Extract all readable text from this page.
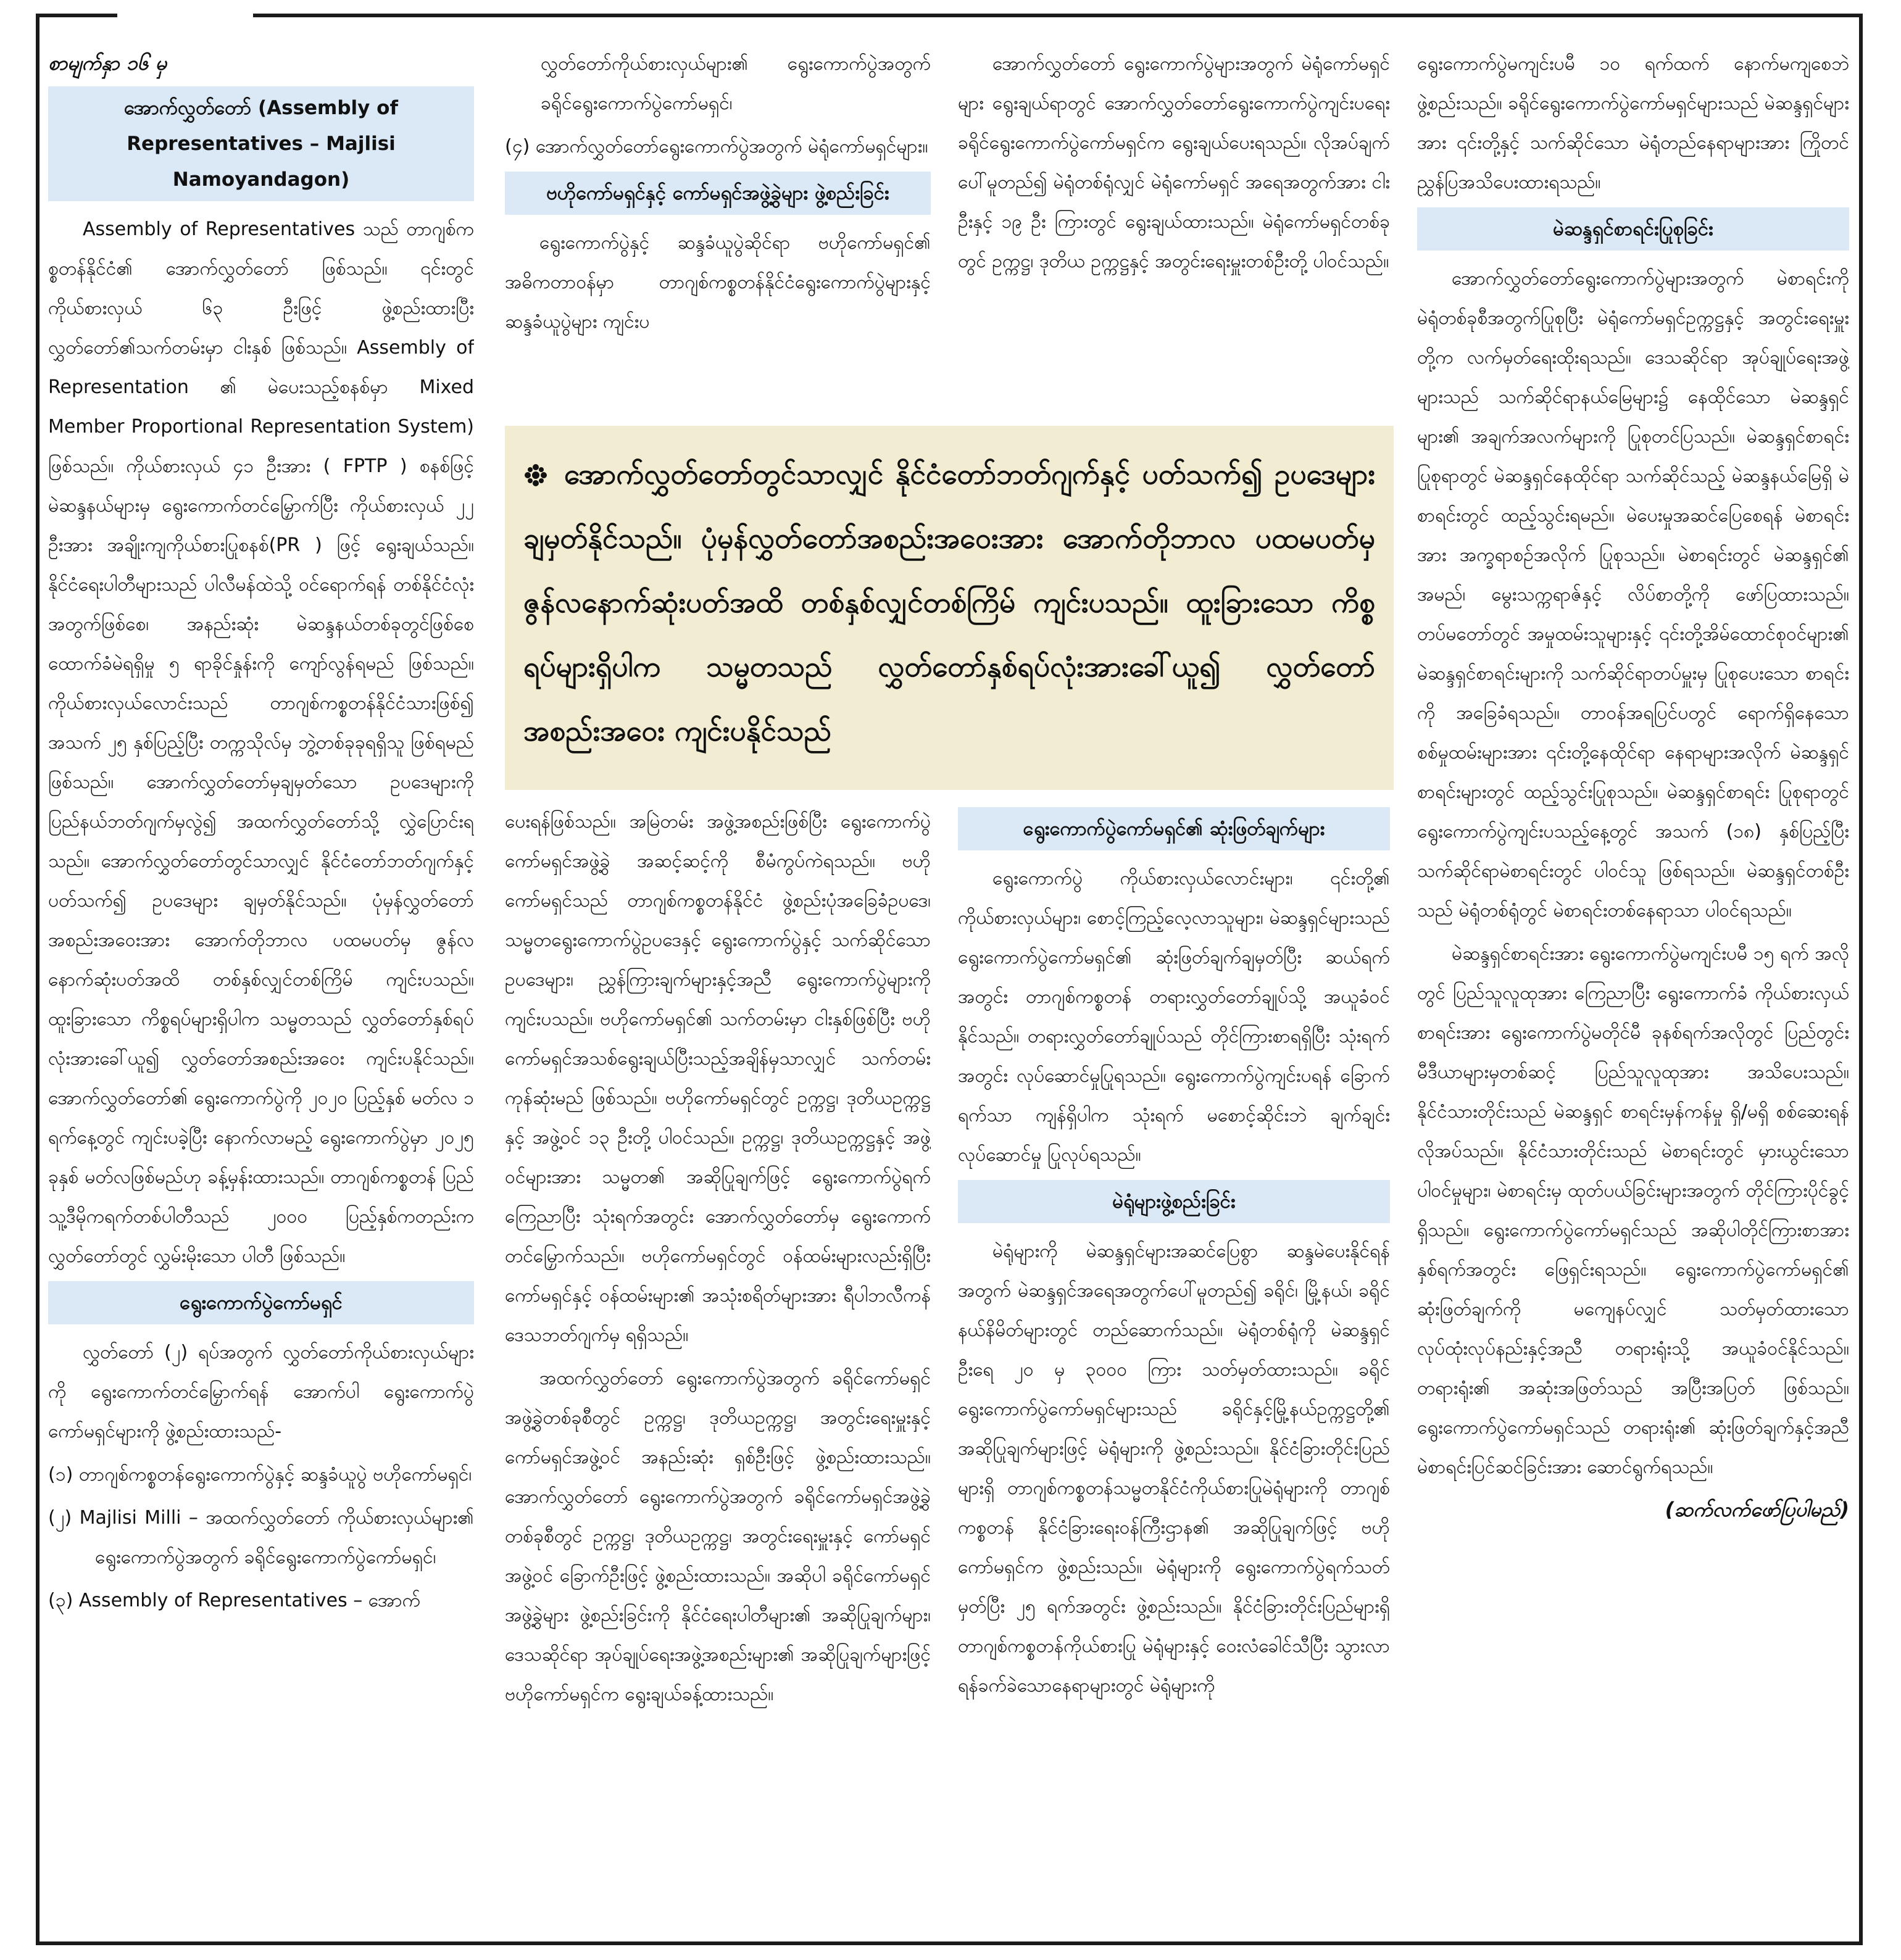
စာမျက်နှာ ၁၆ မှ
အောက်လွှတ်တော် (Assembly of Representatives – Majlisi Namoyandagon)

Assembly of Representatives သည် တာဂျစ်ကစ္စတန်နိုင်ငံ၏ အောက်လွှတ်တော် ဖြစ်သည်။ ၎င်းတွင် ကိုယ်စားလှယ် ၆၃ ဦးဖြင့် ဖွဲ့စည်းထားပြီး လွှတ်တော်၏သက်တမ်းမှာ ငါးနှစ် ဖြစ်သည်။ Assembly of Representation ၏ မဲပေးသည့်စနစ်မှာ Mixed Member Proportional Representation System) ဖြစ်သည်။ ကိုယ်စားလှယ် ၄၁ ဦးအား ( FPTP ) စနစ်ဖြင့် မဲဆန္ဒနယ်များမှ ရွေးကောက်တင်မြှောက်ပြီး ကိုယ်စားလှယ် ၂၂ ဦးအား အချိုးကျကိုယ်စားပြုစနစ်(PR ) ဖြင့် ရွေးချယ်သည်။ နိုင်ငံရေးပါတီများသည် ပါလီမန်ထဲသို့ ဝင်ရောက်ရန် တစ်နိုင်ငံလုံးအတွက်ဖြစ်စေ၊ အနည်းဆုံး မဲဆန္ဒနယ်တစ်ခုတွင်ဖြစ်စေ ထောက်ခံမဲရရှိမှု ၅ ရာခိုင်နှုန်းကို ကျော်လွန်ရမည် ဖြစ်သည်။ ကိုယ်စားလှယ်လောင်းသည် တာဂျစ်ကစ္စတန်နိုင်ငံသားဖြစ်၍ အသက် ၂၅ နှစ်ပြည့်ပြီး တက္ကသိုလ်မှ ဘွဲ့တစ်ခုခုရရှိသူ ဖြစ်ရမည်ဖြစ်သည်။ အောက်လွှတ်တော်မှချမှတ်သော ဥပဒေများကို ပြည်နယ်ဘတ်ဂျက်မှလွဲ၍ အထက်လွှတ်တော်သို့ လွှဲပြောင်းရသည်။ အောက်လွှတ်တော်တွင်သာလျှင် နိုင်ငံတော်ဘတ်ဂျက်နှင့်ပတ်သက်၍ ဥပဒေများ ချမှတ်နိုင်သည်။ ပုံမှန်လွှတ်တော်အစည်းအဝေးအား အောက်တိုဘာလ ပထမပတ်မှ ဇွန်လနောက်ဆုံးပတ်အထိ တစ်နှစ်လျှင်တစ်ကြိမ် ကျင်းပသည်။ ထူးခြားသော ကိစ္စရပ်များရှိပါက သမ္မတသည် လွှတ်တော်နှစ်ရပ်လုံးအားခေါ်ယူ၍ လွှတ်တော်အစည်းအဝေး ကျင်းပနိုင်သည်။ အောက်လွှတ်တော်၏ ရွေးကောက်ပွဲကို ၂၀၂၀ ပြည့်နှစ် မတ်လ ၁ ရက်နေ့တွင် ကျင်းပခဲ့ပြီး နောက်လာမည့် ရွေးကောက်ပွဲမှာ ၂၀၂၅ ခုနှစ် မတ်လဖြစ်မည်ဟု ခန့်မှန်းထားသည်။ တာဂျစ်ကစ္စတန် ပြည်သူ့ဒီမိုကရက်တစ်ပါတီသည် ၂၀၀၀ ပြည့်နှစ်ကတည်းက လွှတ်တော်တွင် လွှမ်းမိုးသော ပါတီ ဖြစ်သည်။

ရွေးကောက်ပွဲကော်မရှင်

လွှတ်တော် (၂) ရပ်အတွက် လွှတ်တော်ကိုယ်စားလှယ်များကို ရွေးကောက်တင်မြှောက်ရန် အောက်ပါ ရွေးကောက်ပွဲကော်မရှင်များကို ဖွဲ့စည်းထားသည်-

(၁) တာဂျစ်ကစ္စတန်ရွေးကောက်ပွဲနှင့် ဆန္ဒခံယူပွဲ ဗဟိုကော်မရှင်၊

(၂) Majlisi Milli – အထက်လွှတ်တော် ကိုယ်စားလှယ်များ၏ ရွေးကောက်ပွဲအတွက် ခရိုင်ရွေးကောက်ပွဲကော်မရှင်၊

(၃) Assembly of Representatives – အောက်

လွှတ်တော်ကိုယ်စားလှယ်များ၏ ရွေးကောက်ပွဲအတွက် ခရိုင်ရွေးကောက်ပွဲကော်မရှင်၊

(၄) အောက်လွှတ်တော်ရွေးကောက်ပွဲအတွက် မဲရုံကော်မရှင်များ။

ဗဟိုကော်မရှင်နှင့် ကော်မရှင်အဖွဲ့ခွဲများ ဖွဲ့စည်းခြင်း

ရွေးကောက်ပွဲနှင့် ဆန္ဒခံယူပွဲဆိုင်ရာ ဗဟိုကော်မရှင်၏ အဓိကတာဝန်မှာ တာဂျစ်ကစ္စတန်နိုင်ငံရွေးကောက်ပွဲများနှင့် ဆန္ဒခံယူပွဲများ ကျင်းပ

အောက်လွှတ်တော် ရွေးကောက်ပွဲများအတွက် မဲရုံကော်မရှင်များ ရွေးချယ်ရာတွင် အောက်လွှတ်တော်ရွေးကောက်ပွဲကျင်းပရေး ခရိုင်ရွေးကောက်ပွဲကော်မရှင်က ရွေးချယ်ပေးရသည်။ လိုအပ်ချက်ပေါ်မူတည်၍ မဲရုံတစ်ရုံလျှင် မဲရုံကော်မရှင် အရေအတွက်အား ငါးဦးနှင့် ၁၉ ဦး ကြားတွင် ရွေးချယ်ထားသည်။ မဲရုံကော်မရှင်တစ်ခုတွင် ဥက္ကဋ္ဌ၊ ဒုတိယ ဥက္ကဋ္ဌနှင့် အတွင်းရေးမှူးတစ်ဦးတို့ ပါဝင်သည်။

အောက်လွှတ်တော်တွင်သာလျှင် နိုင်ငံတော်ဘတ်ဂျက်နှင့် ပတ်သက်၍ ဥပဒေများ ချမှတ်နိုင်သည်။ ပုံမှန်လွှတ်တော်အစည်းအဝေးအား အောက်တိုဘာလ ပထမပတ်မှ ဇွန်လနောက်ဆုံးပတ်အထိ တစ်နှစ်လျှင်တစ်ကြိမ် ကျင်းပသည်။ ထူးခြားသော ကိစ္စရပ်များရှိပါက သမ္မတသည် လွှတ်တော်နှစ်ရပ်လုံးအားခေါ်ယူ၍ လွှတ်တော်အစည်းအဝေး ကျင်းပနိုင်သည်

ပေးရန်ဖြစ်သည်။ အမြဲတမ်း အဖွဲ့အစည်းဖြစ်ပြီး ရွေးကောက်ပွဲကော်မရှင်အဖွဲ့ခွဲ အဆင့်ဆင့်ကို စီမံကွပ်ကဲရသည်။ ဗဟိုကော်မရှင်သည် တာဂျစ်ကစ္စတန်နိုင်ငံ ဖွဲ့စည်းပုံအခြေခံဥပဒေ၊ သမ္မတရွေးကောက်ပွဲဥပဒေနှင့် ရွေးကောက်ပွဲနှင့် သက်ဆိုင်သော ဥပဒေများ၊ ညွှန်ကြားချက်များနှင့်အညီ ရွေးကောက်ပွဲများကို ကျင်းပသည်။ ဗဟိုကော်မရှင်၏ သက်တမ်းမှာ ငါးနှစ်ဖြစ်ပြီး ဗဟိုကော်မရှင်အသစ်ရွေးချယ်ပြီးသည့်အချိန်မှသာလျှင် သက်တမ်းကုန်ဆုံးမည် ဖြစ်သည်။ ဗဟိုကော်မရှင်တွင် ဥက္ကဋ္ဌ၊ ဒုတိယဥက္ကဋ္ဌနှင့် အဖွဲ့ဝင် ၁၃ ဦးတို့ ပါဝင်သည်။ ဥက္ကဋ္ဌ၊ ဒုတိယဥက္ကဋ္ဌနှင့် အဖွဲ့ဝင်များအား သမ္မတ၏ အဆိုပြုချက်ဖြင့် ရွေးကောက်ပွဲရက် ကြေညာပြီး သုံးရက်အတွင်း အောက်လွှတ်တော်မှ ရွေးကောက်တင်မြှောက်သည်။ ဗဟိုကော်မရှင်တွင် ဝန်ထမ်းများလည်းရှိပြီး ကော်မရှင်နှင့် ဝန်ထမ်းများ၏ အသုံးစရိတ်များအား ရီပါဘလီကန်ဒေသဘတ်ဂျက်မှ ရရှိသည်။

အထက်လွှတ်တော် ရွေးကောက်ပွဲအတွက် ခရိုင်ကော်မရှင်အဖွဲ့ခွဲတစ်ခုစီတွင် ဥက္ကဋ္ဌ၊ ဒုတိယဥက္ကဋ္ဌ၊ အတွင်းရေးမှူးနှင့်ကော်မရှင်အဖွဲ့ဝင် အနည်းဆုံး ရှစ်ဦးဖြင့် ဖွဲ့စည်းထားသည်။ အောက်လွှတ်တော် ရွေးကောက်ပွဲအတွက် ခရိုင်ကော်မရှင်အဖွဲ့ခွဲ တစ်ခုစီတွင် ဥက္ကဋ္ဌ၊ ဒုတိယဥက္ကဋ္ဌ၊ အတွင်းရေးမှူးနှင့် ကော်မရှင်အဖွဲ့ဝင် ခြောက်ဦးဖြင့် ဖွဲ့စည်းထားသည်။ အဆိုပါ ခရိုင်ကော်မရှင်အဖွဲ့ခွဲများ ဖွဲ့စည်းခြင်းကို နိုင်ငံရေးပါတီများ၏ အဆိုပြုချက်များ၊ ဒေသဆိုင်ရာ အုပ်ချုပ်ရေးအဖွဲ့အစည်းများ၏ အဆိုပြုချက်များဖြင့် ဗဟိုကော်မရှင်က ရွေးချယ်ခန့်ထားသည်။

ရွေးကောက်ပွဲကော်မရှင်၏ ဆုံးဖြတ်ချက်များ

ရွေးကောက်ပွဲ ကိုယ်စားလှယ်လောင်းများ၊ ၎င်းတို့၏ ကိုယ်စားလှယ်များ၊ စောင့်ကြည့်လေ့လာသူများ၊ မဲဆန္ဒရှင်များသည် ရွေးကောက်ပွဲကော်မရှင်၏ ဆုံးဖြတ်ချက်ချမှတ်ပြီး ဆယ်ရက်အတွင်း တာဂျစ်ကစ္စတန် တရားလွှတ်တော်ချုပ်သို့ အယူခံဝင်နိုင်သည်။ တရားလွှတ်တော်ချုပ်သည် တိုင်ကြားစာရရှိပြီး သုံးရက်အတွင်း လုပ်ဆောင်မှုပြုရသည်။ ရွေးကောက်ပွဲကျင်းပရန် ခြောက်ရက်သာ ကျန်ရှိပါက သုံးရက် မစောင့်ဆိုင်းဘဲ ချက်ချင်းလုပ်ဆောင်မှု ပြုလုပ်ရသည်။

မဲရုံများဖွဲ့စည်းခြင်း

မဲရုံများကို မဲဆန္ဒရှင်များအဆင်ပြေစွာ ဆန္ဒမဲပေးနိုင်ရန်အတွက် မဲဆန္ဒရှင်အရေအတွက်ပေါ်မူတည်၍ ခရိုင်၊ မြို့နယ်၊ ခရိုင်နယ်နိမိတ်များတွင် တည်ဆောက်သည်။ မဲရုံတစ်ရုံကို မဲဆန္ဒရှင်ဦးရေ ၂၀ မှ ၃၀၀၀ ကြား သတ်မှတ်ထားသည်။ ခရိုင်ရွေးကောက်ပွဲကော်မရှင်များသည် ခရိုင်နှင့်မြို့နယ်ဥက္ကဋ္ဌတို့၏ အဆိုပြုချက်များဖြင့် မဲရုံများကို ဖွဲ့စည်းသည်။ နိုင်ငံခြားတိုင်းပြည်များရှိ တာဂျစ်ကစ္စတန်သမ္မတနိုင်ငံကိုယ်စားပြုမဲရုံများကို တာဂျစ်ကစ္စတန် နိုင်ငံခြားရေးဝန်ကြီးဌာန၏ အဆိုပြုချက်ဖြင့် ဗဟိုကော်မရှင်က ဖွဲ့စည်းသည်။ မဲရုံများကို ရွေးကောက်ပွဲရက်သတ်မှတ်ပြီး ၂၅ ရက်အတွင်း ဖွဲ့စည်းသည်။ နိုင်ငံခြားတိုင်းပြည်များရှိ တာဂျစ်ကစ္စတန်ကိုယ်စားပြု မဲရုံများနှင့် ဝေးလံခေါင်သီပြီး သွားလာရန်ခက်ခဲသောနေရာများတွင် မဲရုံများကို

ရွေးကောက်ပွဲမကျင်းပမီ ၁၀ ရက်ထက် နောက်မကျစေဘဲ ဖွဲ့စည်းသည်။ ခရိုင်ရွေးကောက်ပွဲကော်မရှင်များသည် မဲဆန္ဒရှင်များအား ၎င်းတို့နှင့် သက်ဆိုင်သော မဲရုံတည်နေရာများအား ကြိုတင်ညွှန်ပြအသိပေးထားရသည်။

မဲဆန္ဒရှင်စာရင်းပြုစုခြင်း

အောက်လွှတ်တော်ရွေးကောက်ပွဲများအတွက် မဲစာရင်းကို မဲရုံတစ်ခုစီအတွက်ပြုစုပြီး မဲရုံကော်မရှင်ဥက္ကဋ္ဌနှင့် အတွင်းရေးမှူးတို့က လက်မှတ်ရေးထိုးရသည်။ ဒေသဆိုင်ရာ အုပ်ချုပ်ရေးအဖွဲ့များသည် သက်ဆိုင်ရာနယ်မြေများ၌ နေထိုင်သော မဲဆန္ဒရှင်များ၏ အချက်အလက်များကို ပြုစုတင်ပြသည်။ မဲဆန္ဒရှင်စာရင်းပြုစုရာတွင် မဲဆန္ဒရှင်နေထိုင်ရာ သက်ဆိုင်သည့် မဲဆန္ဒနယ်မြေရှိ မဲစာရင်းတွင် ထည့်သွင်းရမည်။ မဲပေးမှုအဆင်ပြေစေရန် မဲစာရင်းအား အက္ခရာစဉ်အလိုက် ပြုစုသည်။ မဲစာရင်းတွင် မဲဆန္ဒရှင်၏ အမည်၊ မွေးသက္ကရာဇ်နှင့် လိပ်စာတို့ကို ဖော်ပြထားသည်။ တပ်မတော်တွင် အမှုထမ်းသူများနှင့် ၎င်းတို့အိမ်ထောင်စုဝင်များ၏ မဲဆန္ဒရှင်စာရင်းများကို သက်ဆိုင်ရာတပ်မှူးမှ ပြုစုပေးသော စာရင်းကို အခြေခံရသည်။ တာဝန်အရပြင်ပတွင် ရောက်ရှိနေသော စစ်မှုထမ်းများအား ၎င်းတို့နေထိုင်ရာ နေရာများအလိုက် မဲဆန္ဒရှင်စာရင်းများတွင် ထည့်သွင်းပြုစုသည်။ မဲဆန္ဒရှင်စာရင်း ပြုစုရာတွင် ရွေးကောက်ပွဲကျင်းပသည့်နေ့တွင် အသက် (၁၈) နှစ်ပြည့်ပြီး သက်ဆိုင်ရာမဲစာရင်းတွင် ပါဝင်သူ ဖြစ်ရသည်။ မဲဆန္ဒရှင်တစ်ဦးသည် မဲရုံတစ်ရုံတွင် မဲစာရင်းတစ်နေရာသာ ပါဝင်ရသည်။

မဲဆန္ဒရှင်စာရင်းအား ရွေးကောက်ပွဲမကျင်းပမီ ၁၅ ရက် အလိုတွင် ပြည်သူလူထုအား ကြေညာပြီး ရွေးကောက်ခံ ကိုယ်စားလှယ်စာရင်းအား ရွေးကောက်ပွဲမတိုင်မီ ခုနစ်ရက်အလိုတွင် ပြည်တွင်း မီဒီယာများမှတစ်ဆင့် ပြည်သူလူထုအား အသိပေးသည်။ နိုင်ငံသားတိုင်းသည် မဲဆန္ဒရှင် စာရင်းမှန်ကန်မှု ရှိ/မရှိ စစ်ဆေးရန် လိုအပ်သည်။ နိုင်ငံသားတိုင်းသည် မဲစာရင်းတွင် မှားယွင်းသော ပါဝင်မှုများ၊ မဲစာရင်းမှ ထုတ်ပယ်ခြင်းများအတွက် တိုင်ကြားပိုင်ခွင့်ရှိသည်။ ရွေးကောက်ပွဲကော်မရှင်သည် အဆိုပါတိုင်ကြားစာအား နှစ်ရက်အတွင်း ဖြေရှင်းရသည်။ ရွေးကောက်ပွဲကော်မရှင်၏ ဆုံးဖြတ်ချက်ကို မကျေနပ်လျှင် သတ်မှတ်ထားသော လုပ်ထုံးလုပ်နည်းနှင့်အညီ တရားရုံးသို့ အယူခံဝင်နိုင်သည်။ တရားရုံး၏ အဆုံးအဖြတ်သည် အပြီးအပြတ် ဖြစ်သည်။ ရွေးကောက်ပွဲကော်မရှင်သည် တရားရုံး၏ ဆုံးဖြတ်ချက်နှင့်အညီ မဲစာရင်းပြင်ဆင်ခြင်းအား ဆောင်ရွက်ရသည်။

(ဆက်လက်ဖော်ပြပါမည်)
